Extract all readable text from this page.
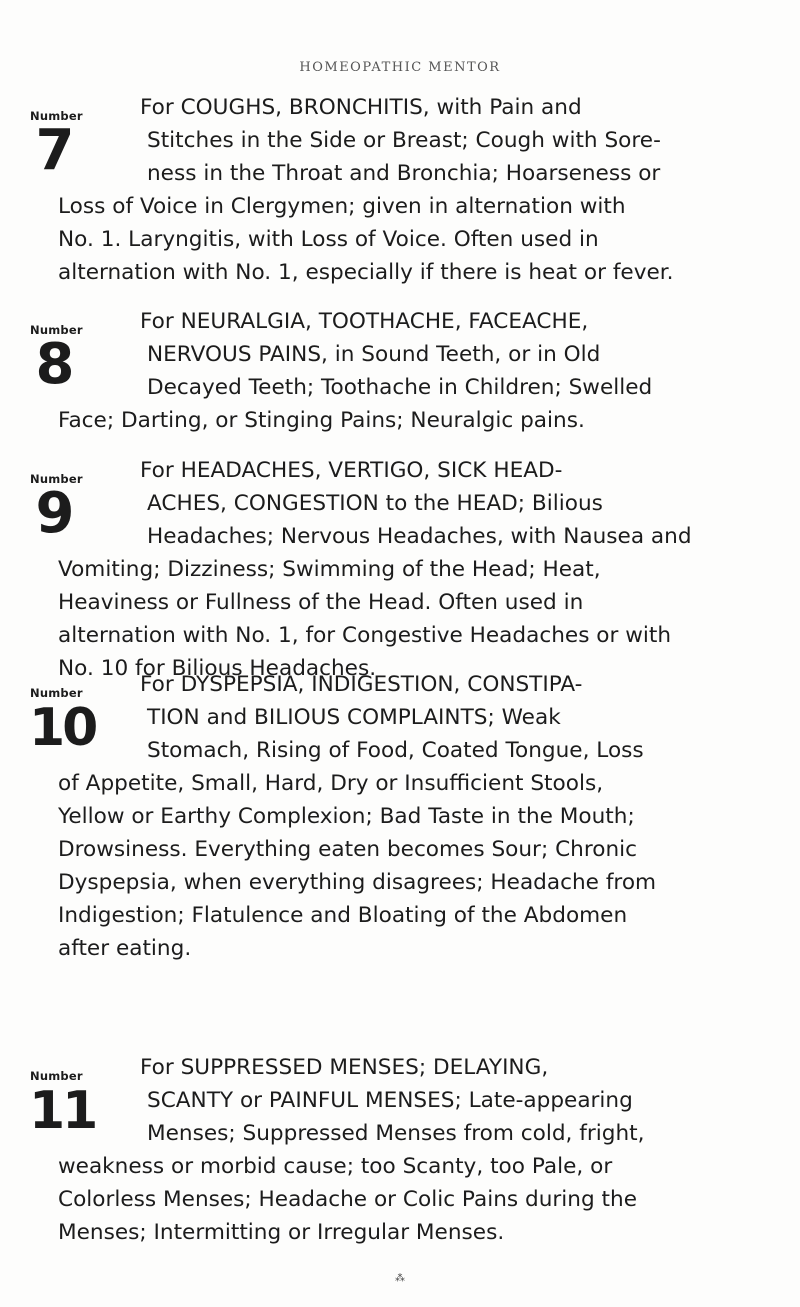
HOMEOPATHIC MENTOR
Number
7

For COUGHS, BRONCHITIS, with Pain and
Stitches in the Side or Breast; Cough with Sore-
ness in the Throat and Bronchia; Hoarseness or
Loss of Voice in Clergymen; given in alternation with
No. 1. Laryngitis, with Loss of Voice. Often used in
alternation with No. 1, especially if there is heat or fever.

Number
8

For NEURALGIA, TOOTHACHE, FACEACHE,
NERVOUS PAINS, in Sound Teeth, or in Old
Decayed Teeth; Toothache in Children; Swelled
Face; Darting, or Stinging Pains; Neuralgic pains.

Number
9

For HEADACHES, VERTIGO, SICK HEAD-
ACHES, CONGESTION to the HEAD; Bilious
Headaches; Nervous Headaches, with Nausea and
Vomiting; Dizziness; Swimming of the Head; Heat,
Heaviness or Fullness of the Head. Often used in
alternation with No. 1, for Congestive Headaches or with
No. 10 for Bilious Headaches.

Number
10

For DYSPEPSIA, INDIGESTION, CONSTIPA-
TION and BILIOUS COMPLAINTS; Weak
Stomach, Rising of Food, Coated Tongue, Loss
of Appetite, Small, Hard, Dry or Insufficient Stools,
Yellow or Earthy Complexion; Bad Taste in the Mouth;
Drowsiness. Everything eaten becomes Sour; Chronic
Dyspepsia, when everything disagrees; Headache from
Indigestion; Flatulence and Bloating of the Abdomen
after eating.

Number
11

For SUPPRESSED MENSES; DELAYING,
SCANTY or PAINFUL MENSES; Late-appearing
Menses; Suppressed Menses from cold, fright,
weakness or morbid cause; too Scanty, too Pale, or
Colorless Menses; Headache or Colic Pains during the
Menses; Intermitting or Irregular Menses.

⁂
